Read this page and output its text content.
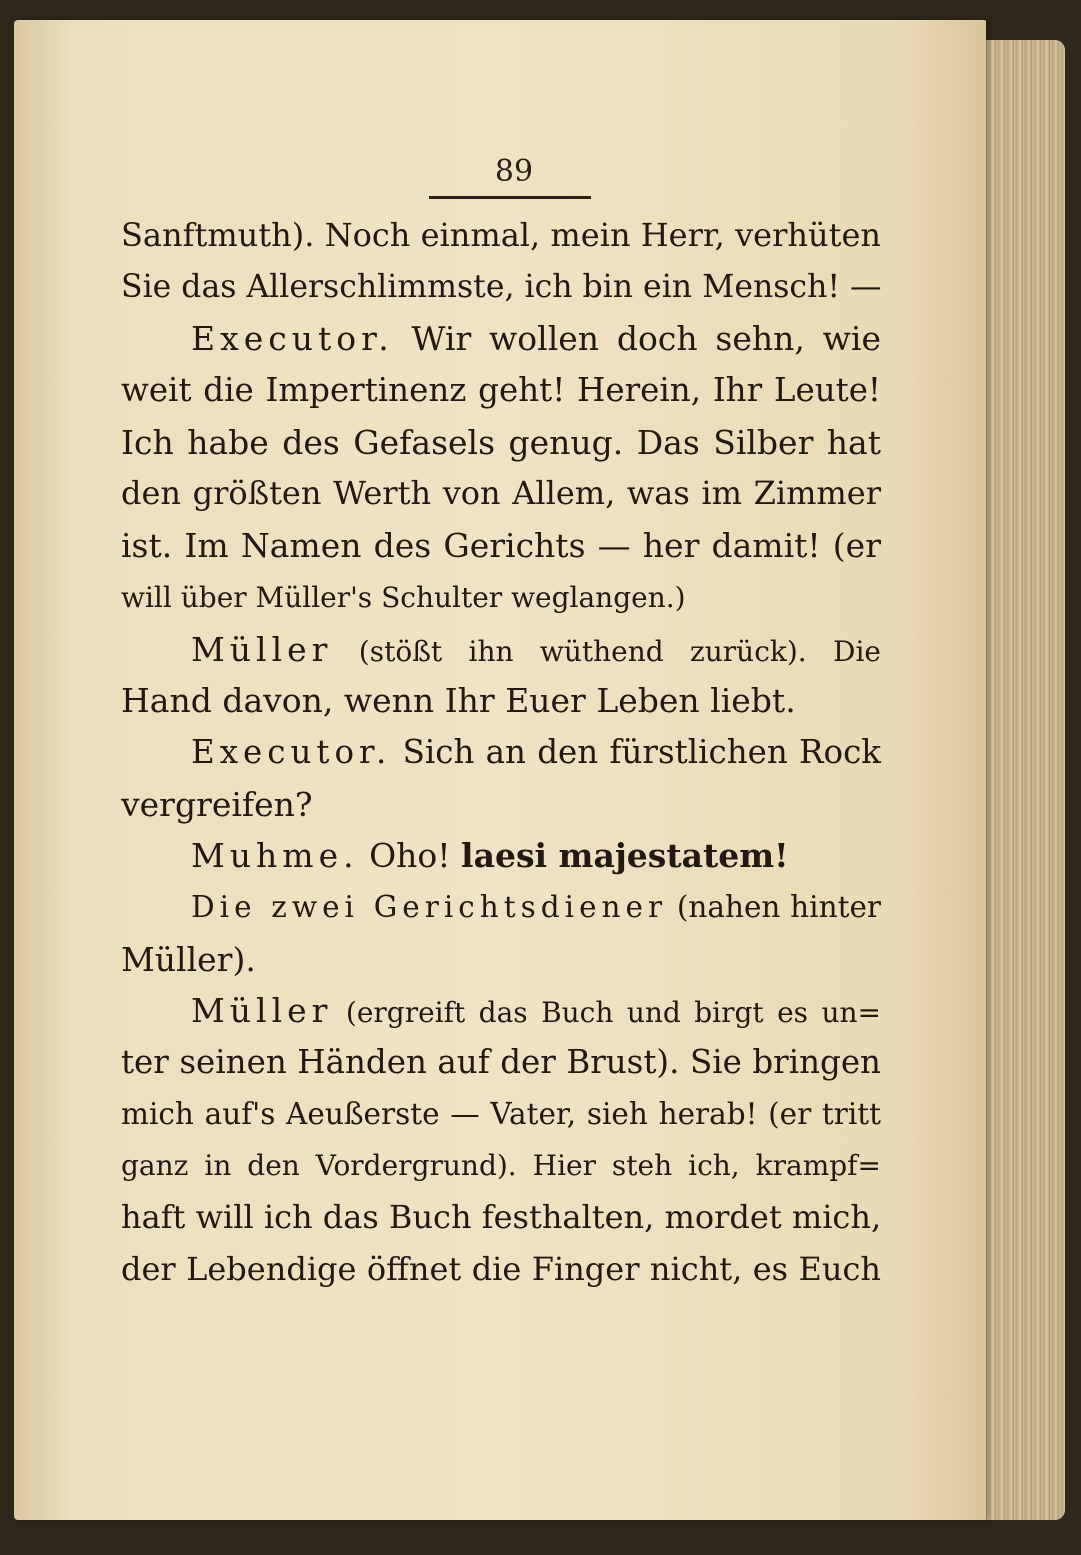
89
Sanftmuth). Noch einmal, mein Herr, verhüten
Sie das Allerschlimmste, ich bin ein Mensch! —
Executor. Wir wollen doch sehn, wie
weit die Impertinenz geht! Herein, Ihr Leute!
Ich habe des Gefasels genug. Das Silber hat
den größten Werth von Allem, was im Zimmer
ist. Im Namen des Gerichts — her damit! (er
will über Müller's Schulter weglangen.)
Müller (stößt ihn wüthend zurück). Die
Hand davon, wenn Ihr Euer Leben liebt.
Executor. Sich an den fürstlichen Rock
vergreifen?
Muhme. Oho! laesi majestatem!
Die zwei Gerichtsdiener (nahen hinter
Müller).
Müller (ergreift das Buch und birgt es un=
ter seinen Händen auf der Brust). Sie bringen
mich auf's Aeußerste — Vater, sieh herab! (er tritt
ganz in den Vordergrund). Hier steh ich, krampf=
haft will ich das Buch festhalten, mordet mich,
der Lebendige öffnet die Finger nicht, es Euch
